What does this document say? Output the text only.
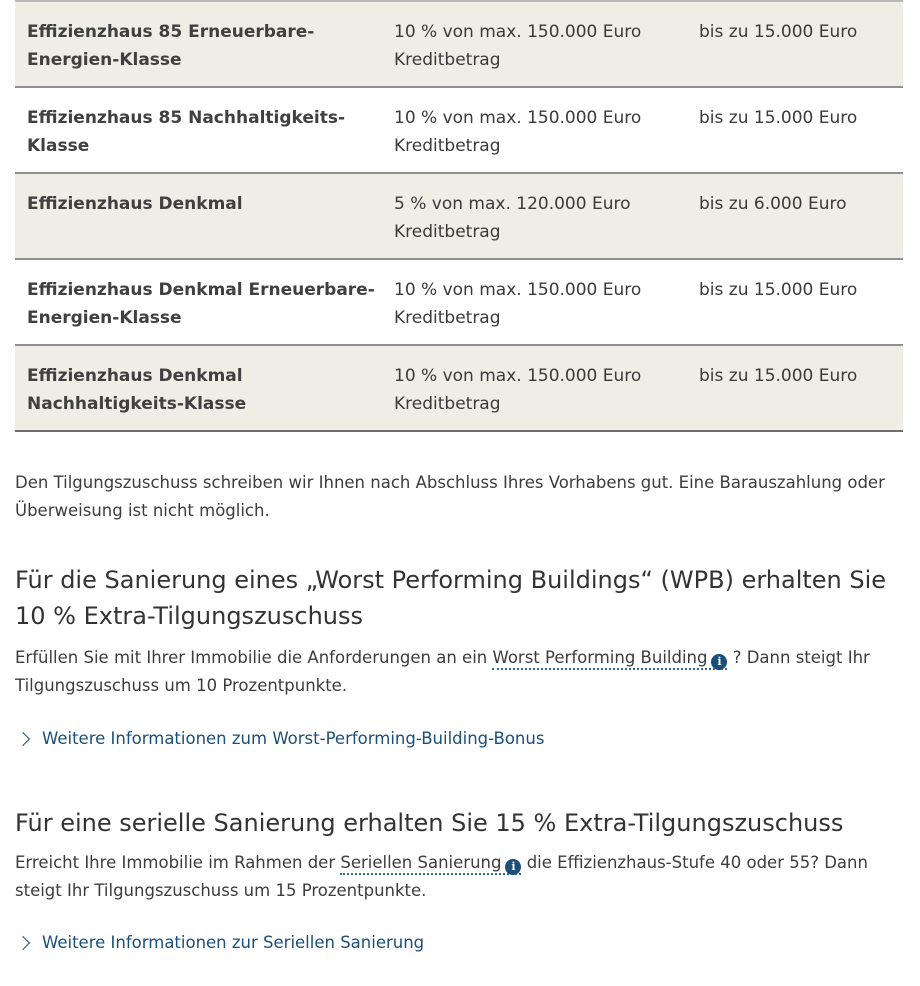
Effizienzhaus 85 Erneuerbare-
Energien-Klasse
10 % von max. 150.000 Euro
Kreditbetrag
bis zu 15.000 Euro
Effizienzhaus 85 Nachhaltigkeits-
Klasse
10 % von max. 150.000 Euro
Kreditbetrag
bis zu 15.000 Euro
Effizienzhaus Denkmal	5 % von max. 120.000 Euro
Kreditbetrag
bis zu 6.000 Euro
Effizienzhaus Denkmal Erneuerbare-
Energien-Klasse
10 % von max. 150.000 Euro
Kreditbetrag
bis zu 15.000 Euro
Effizienzhaus Denkmal
Nachhaltigkeits-Klasse
10 % von max. 150.000 Euro
Kreditbetrag
bis zu 15.000 Euro
Den Tilgungszuschuss schreiben wir Ihnen nach Abschluss Ihres Vorhabens gut. Eine Barauszahlung oder
Überweisung ist nicht möglich.
Für die Sanierung eines „Worst Performing Buildings“ (WPB) erhalten Sie
10 % Extra-Tilgungszuschuss
Erfüllen Sie mit Ihrer Immobilie die Anforderungen an ein Worst Performing Building i ? Dann steigt Ihr
Tilgungszuschuss um 10 Prozentpunkte.
Weitere Informationen zum Worst-Performing-Building-Bonus
Für eine serielle Sanierung erhalten Sie 15 % Extra-Tilgungszuschuss
Erreicht Ihre Immobilie im Rahmen der Seriellen Sanierung i die Effizienzhaus-Stufe 40 oder 55? Dann
steigt Ihr Tilgungszuschuss um 15 Prozentpunkte.
Weitere Informationen zur Seriellen Sanierung
